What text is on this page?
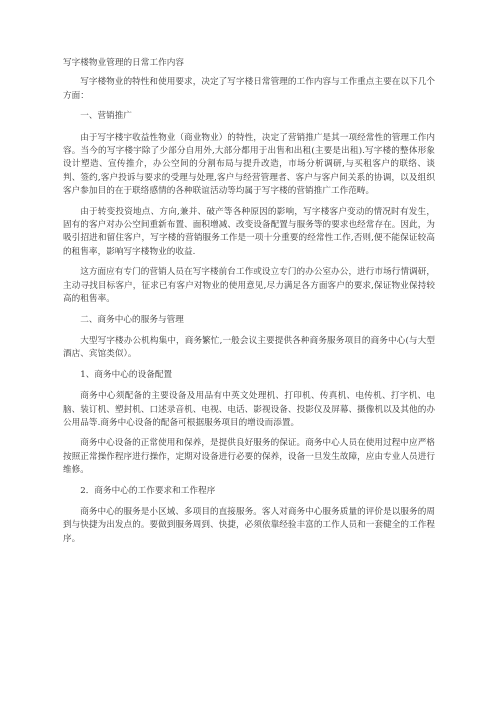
写字楼物业管理的日常工作内容

写字楼物业的特性和使用要求，决定了写字楼日常管理的工作内容与工作重点主要在以下几个方面：

一、营销推广

由于写字楼宇收益性物业（商业物业）的特性，决定了营销推广是其一项经常性的管理工作内容。当今的写字楼宇除了少部分自用外,大部分都用于出售和出租(主要是出租).写字楼的整体形象设计塑造、宣传推介，办公空间的分割布局与提升改造，市场分析调研,与买租客户的联络、谈判、签约,客户投诉与要求的受理与处理,客户与经营管理者、客户与客户间关系的协调，以及组织客户参加目的在于联络感情的各种联谊活动等均属于写字楼的营销推广工作范畴。

由于转变投资地点、方向,兼并、破产等各种原因的影响，写字楼客户变动的情况时有发生，固有的客户对办公空间重新布置、面积增减、改变设备配置与服务等的要求也经常存在。因此，为吸引招进和留住客户，写字楼的营销服务工作是一项十分重要的经常性工作,否则,便不能保证较高的租售率，影响写字楼物业的收益.

这方面应有专门的营销人员在写字楼前台工作或设立专门的办公室办公，进行市场行情调研，主动寻找目标客户，征求已有客户对物业的使用意见,尽力满足各方面客户的要求,保证物业保持较高的租售率。

二、商务中心的服务与管理

大型写字楼办公机构集中，商务繁忙,一般会议主要提供各种商务服务项目的商务中心(与大型酒店、宾馆类似）。

1、商务中心的设备配置

商务中心须配备的主要设备及用品有中英文处理机、打印机、传真机、电传机、打字机、电脑、装订机、塑封机、口述录音机、电视、电话、影视设备、投影仪及屏幕、摄像机以及其他的办公用品等.商务中心设备的配备可根据服务项目的增设而添置。

商务中心设备的正常使用和保养，是提供良好服务的保证。商务中心人员在使用过程中应严格按照正常操作程序进行操作，定期对设备进行必要的保养，设备一旦发生故障，应由专业人员进行维修。

2．商务中心的工作要求和工作程序

商务中心的服务是小区域、多项目的直接服务。客人对商务中心服务质量的评价是以服务的周到与快捷为出发点的。要做到服务周到、快捷，必须依靠经验丰富的工作人员和一套健全的工作程序。
